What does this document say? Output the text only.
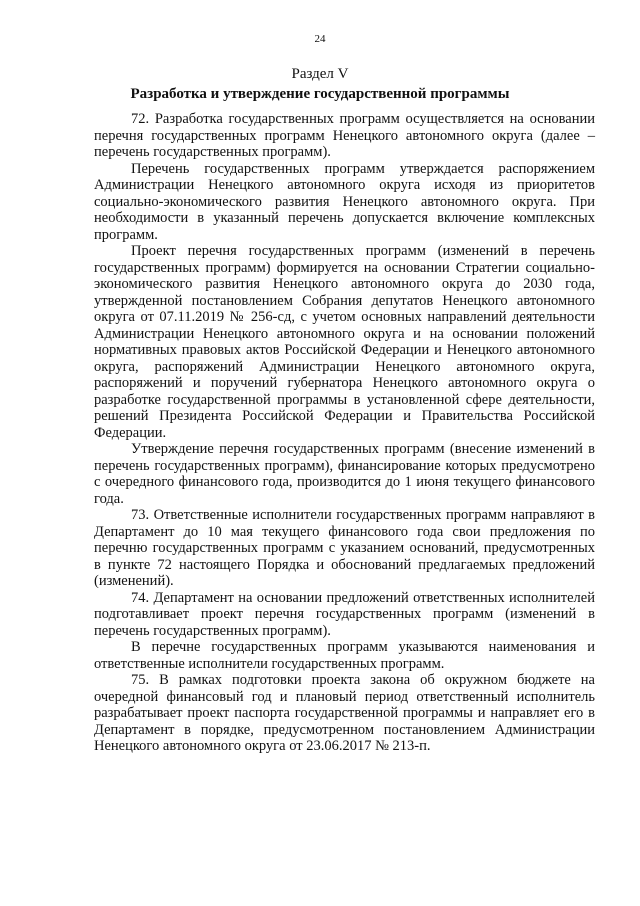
24
Раздел V
Разработка и утверждение государственной программы

72. Разработка государственных программ осуществляется на основании перечня государственных программ Ненецкого автономного округа (далее – перечень государственных программ).

Перечень государственных программ утверждается распоряжением Администрации Ненецкого автономного округа исходя из приоритетов социально-экономического развития Ненецкого автономного округа. При необходимости в указанный перечень допускается включение комплексных программ.

Проект перечня государственных программ (изменений в перечень государственных программ) формируется на основании Стратегии социально-экономического развития Ненецкого автономного округа до 2030 года, утвержденной постановлением Собрания депутатов Ненецкого автономного округа от 07.11.2019 № 256-сд, с учетом основных направлений деятельности Администрации Ненецкого автономного округа и на основании положений нормативных правовых актов Российской Федерации и Ненецкого автономного округа, распоряжений Администрации Ненецкого автономного округа, распоряжений и поручений губернатора Ненецкого автономного округа о разработке государственной программы в установленной сфере деятельности, решений Президента Российской Федерации и Правительства Российской Федерации.

Утверждение перечня государственных программ (внесение изменений в перечень государственных программ), финансирование которых предусмотрено с очередного финансового года, производится до 1 июня текущего финансового года.

73. Ответственные исполнители государственных программ направляют в Департамент до 10 мая текущего финансового года свои предложения по перечню государственных программ с указанием оснований, предусмотренных в пункте 72 настоящего Порядка и обоснований предлагаемых предложений (изменений).

74. Департамент на основании предложений ответственных исполнителей подготавливает проект перечня государственных программ (изменений в перечень государственных программ).

В перечне государственных программ указываются наименования и ответственные исполнители государственных программ.

75. В рамках подготовки проекта закона об окружном бюджете на очередной финансовый год и плановый период ответственный исполнитель разрабатывает проект паспорта государственной программы и направляет его в Департамент в порядке, предусмотренном постановлением Администрации Ненецкого автономного округа от 23.06.2017 № 213-п.
